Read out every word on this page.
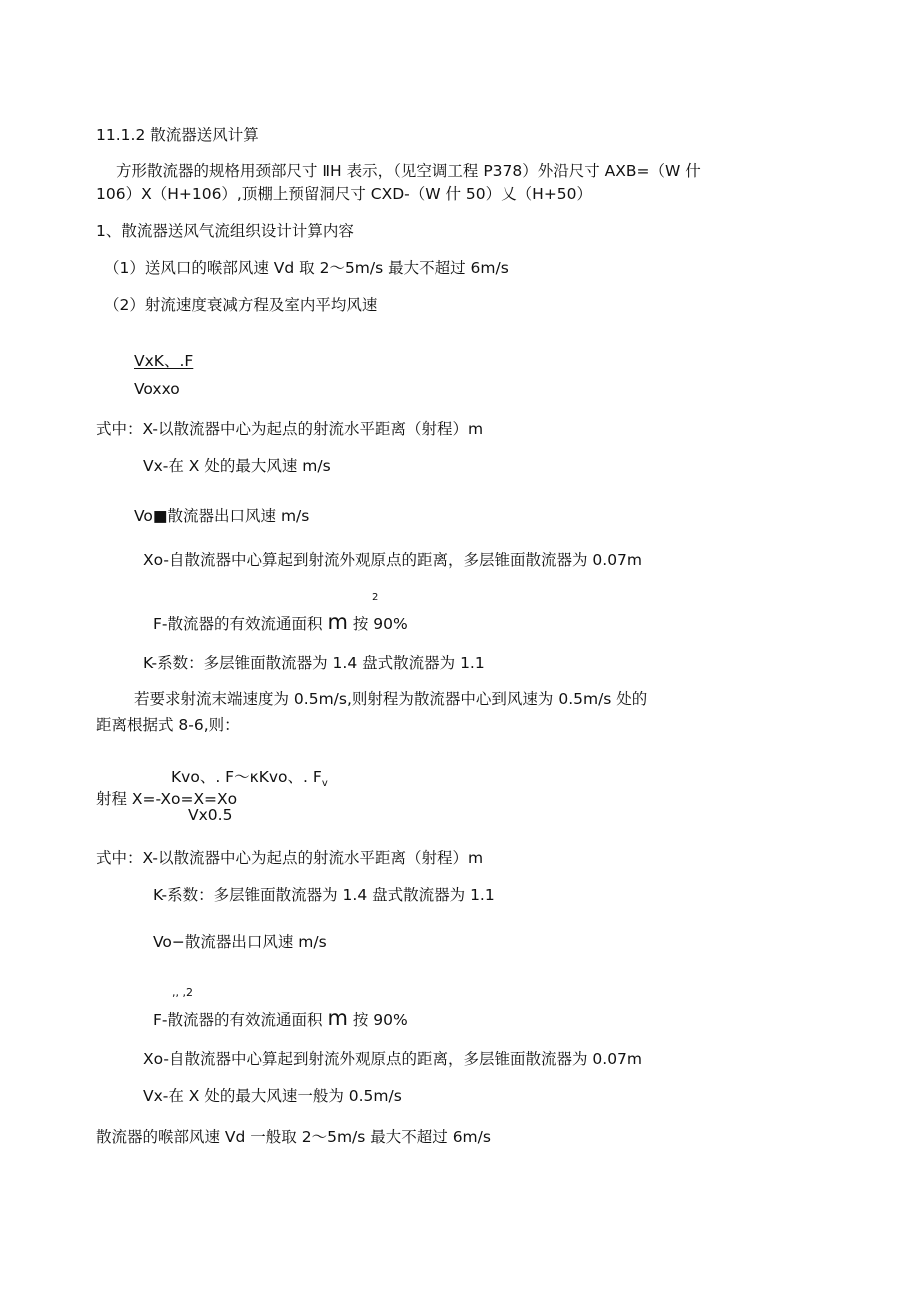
11.1.2 散流器送风计算
方形散流器的规格用颈部尺寸 ⅡH 表示，（见空调工程 P378）外沿尺寸 AXB=（W 什
106）X（H+106）,顶棚上预留洞尺寸 CXD-（W 什 50）乂（H+50）
1、散流器送风气流组织设计计算内容
（1）送风口的喉部风速 Vd 取 2～5m/s 最大不超过 6m/s
（2）射流速度衰减方程及室内平均风速
VxK、.F
Voxxo
式中：X-以散流器中心为起点的射流水平距离（射程）m
Vx-在 X 处的最大风速 m/s
Vo■散流器出口风速 m/s
Xo-自散流器中心算起到射流外观原点的距离，多层锥面散流器为 0.07m
2
F-散流器的有效流通面积 m 按 90%
K-系数：多层锥面散流器为 1.4 盘式散流器为 1.1
若要求射流末端速度为 0.5m/s,则射程为散流器中心到风速为 0.5m/s 处的
距离根据式 8-6,则：
Kvo、. F～κKvo、. $F_v$
射程 X=-Xo=X=Xo
Vx0.5
式中：X-以散流器中心为起点的射流水平距离（射程）m
K-系数：多层锥面散流器为 1.4 盘式散流器为 1.1
Vo−散流器出口风速 m/s
,, ,2
F-散流器的有效流通面积 m 按 90%
Xo-自散流器中心算起到射流外观原点的距离，多层锥面散流器为 0.07m
Vx-在 X 处的最大风速一般为 0.5m/s
散流器的喉部风速 Vd 一般取 2～5m/s 最大不超过 6m/s
